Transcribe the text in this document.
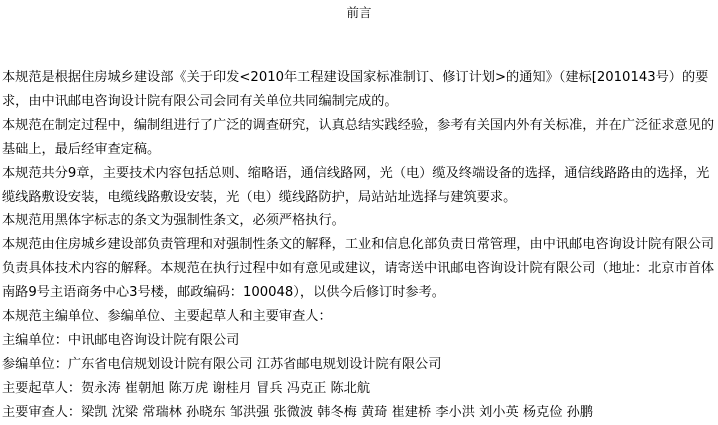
前言

本规范是根据住房城乡建设部《关于印发<2010年工程建设国家标准制订、修订计划>的通知》（建标[2010143号）的要求，由中讯邮电咨询设计院有限公司会同有关单位共同编制完成的。

本规范在制定过程中，编制组进行了广泛的调查研究，认真总结实践经验，参考有关国内外有关标准，并在广泛征求意见的基础上，最后经审查定稿。

本规范共分9章，主要技术内容包括总则、缩略语，通信线路网，光（电）缆及终端设备的选择，通信线路路由的选择，光缆线路敷设安装，电缆线路敷设安装，光（电）缆线路防护，局站站址选择与建筑要求。

本规范用黑体字标志的条文为强制性条文，必须严格执行。

本规范由住房城乡建设部负责管理和对强制性条文的解释，工业和信息化部负责日常管理，由中讯邮电咨询设计院有限公司负责具体技术内容的解释。本规范在执行过程中如有意见或建议，请寄送中讯邮电咨询设计院有限公司（地址：北京市首体南路9号主语商务中心3号楼，邮政编码：100048），以供今后修订时参考。

本规范主编单位、参编单位、主要起草人和主要审查人：

主编单位：中讯邮电咨询设计院有限公司

参编单位：广东省电信规划设计院有限公司 江苏省邮电规划设计院有限公司

主要起草人：贺永涛 崔朝旭 陈万虎 谢桂月 冒兵 冯克正 陈北航

主要审查人：梁凯 沈梁 常瑞林 孙晓东 邹洪强 张微波 韩冬梅 黄琦 崔建桥 李小洪 刘小英 杨克俭 孙鹏
